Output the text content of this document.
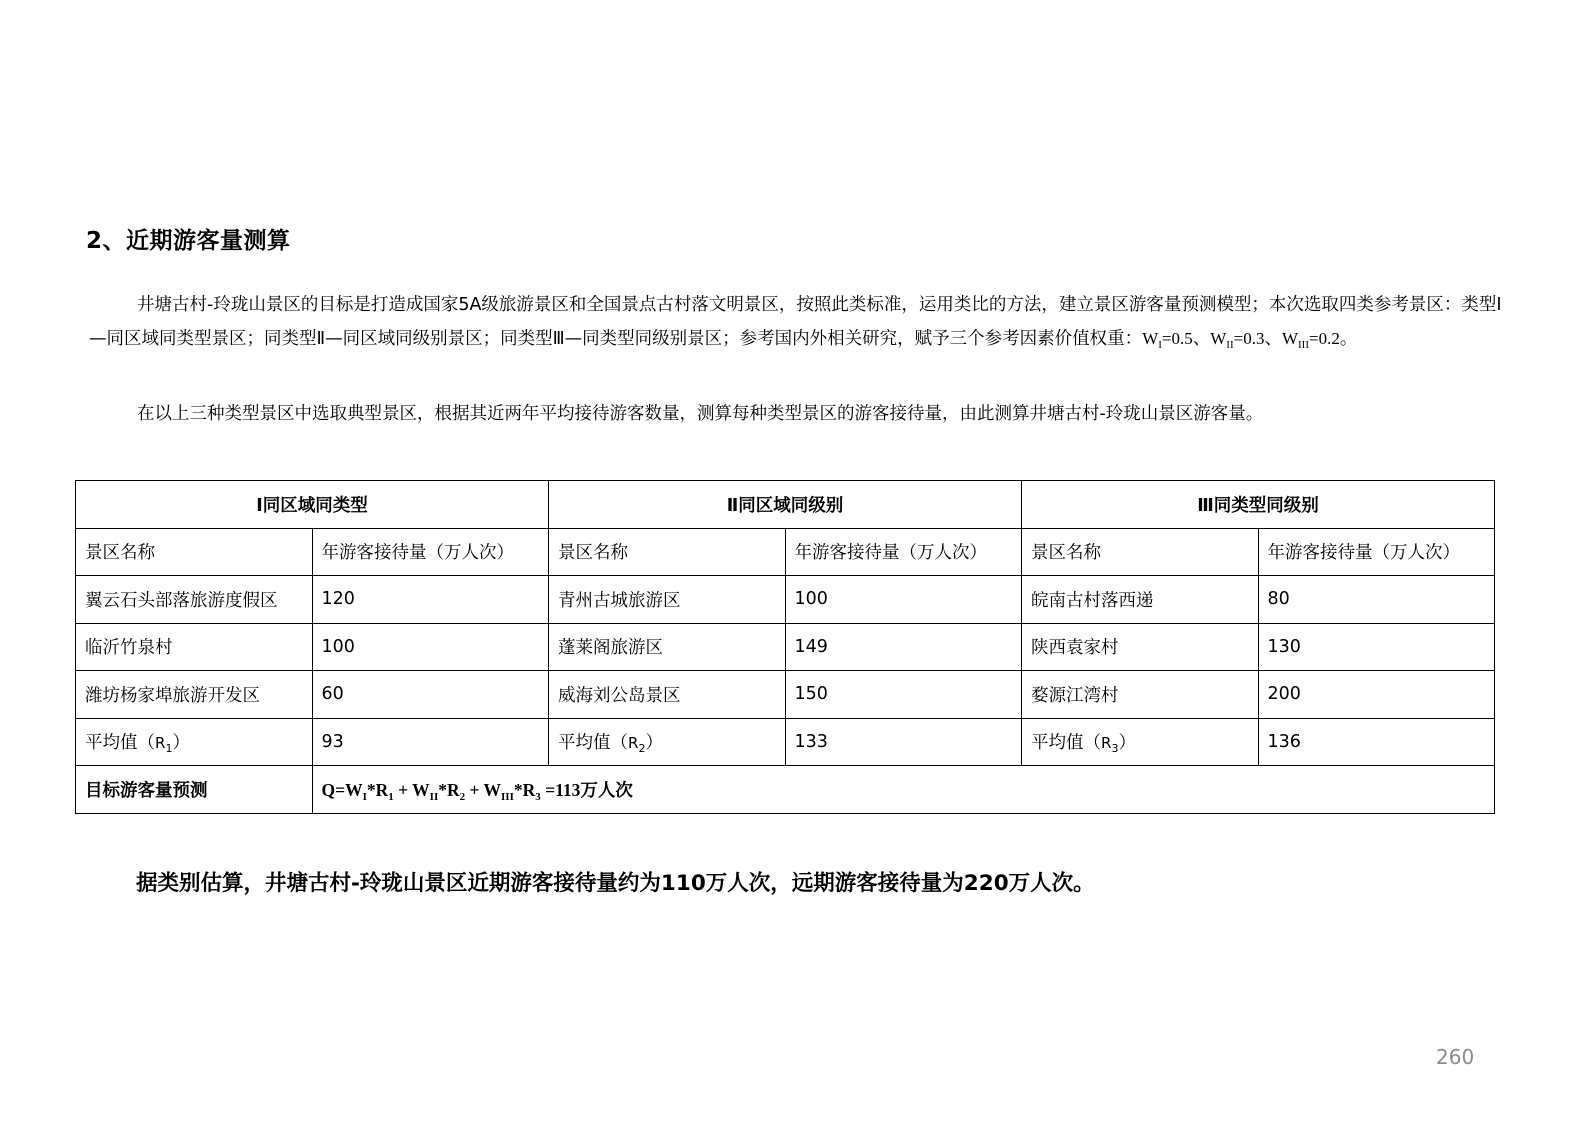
2、近期游客量测算

井塘古村-玲珑山景区的目标是打造成国家5A级旅游景区和全国景点古村落文明景区，按照此类标准，运用类比的方法，建立景区游客量预测模型；本次选取四类参考景区：类型Ⅰ—同区域同类型景区；同类型Ⅱ—同区域同级别景区；同类型Ⅲ—同类型同级别景区；参考国内外相关研究，赋予三个参考因素价值权重：$W_I=0.5$、$W_{II}=0.3$、$W_{III}=0.2$。

在以上三种类型景区中选取典型景区，根据其近两年平均接待游客数量，测算每种类型景区的游客接待量，由此测算井塘古村-玲珑山景区游客量。

Ⅰ同区域同类型		Ⅱ同区域同级别		Ⅲ同类型同级别	
景区名称	年游客接待量（万人次）	景区名称	年游客接待量（万人次）	景区名称	年游客接待量（万人次）
翼云石头部落旅游度假区	120	青州古城旅游区	100	皖南古村落西递	80
临沂竹泉村	100	蓬莱阁旅游区	149	陕西袁家村	130
潍坊杨家埠旅游开发区	60	威海刘公岛景区	150	婺源江湾村	200
平均值$(R_1)$	93	平均值$(R_2)$	133	平均值$(R_3)$	136
目标游客量预测	$Q=W_I*R_1 + W_{II}*R_2 + W_{III}*R_3 =113$万人次				
据类别估算，井塘古村-玲珑山景区近期游客接待量约为110万人次，远期游客接待量为220万人次。
260
